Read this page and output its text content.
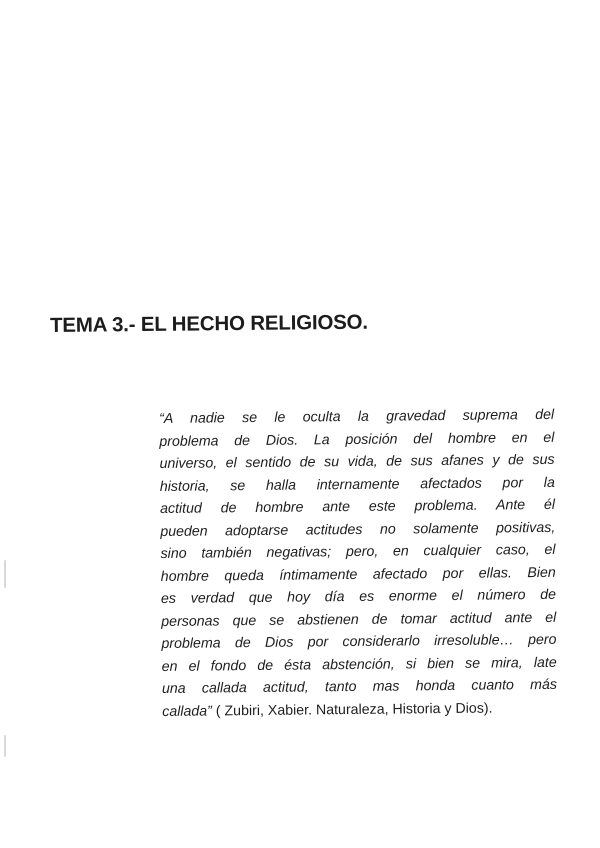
TEMA 3.- EL HECHO RELIGIOSO.
“A nadie se le oculta la gravedad suprema del
problema de Dios. La posición del hombre en el
universo, el sentido de su vida, de sus afanes y de sus
historia, se halla internamente afectados por la
actitud de hombre ante este problema. Ante él
pueden adoptarse actitudes no solamente positivas,
sino también negativas; pero, en cualquier caso, el
hombre queda íntimamente afectado por ellas. Bien
es verdad que hoy día es enorme el número de
personas que se abstienen de tomar actitud ante el
problema de Dios por considerarlo irresoluble… pero
en el fondo de ésta abstención, si bien se mira, late
una callada actitud, tanto mas honda cuanto más
callada” ( Zubiri, Xabier. Naturaleza, Historia y Dios).
